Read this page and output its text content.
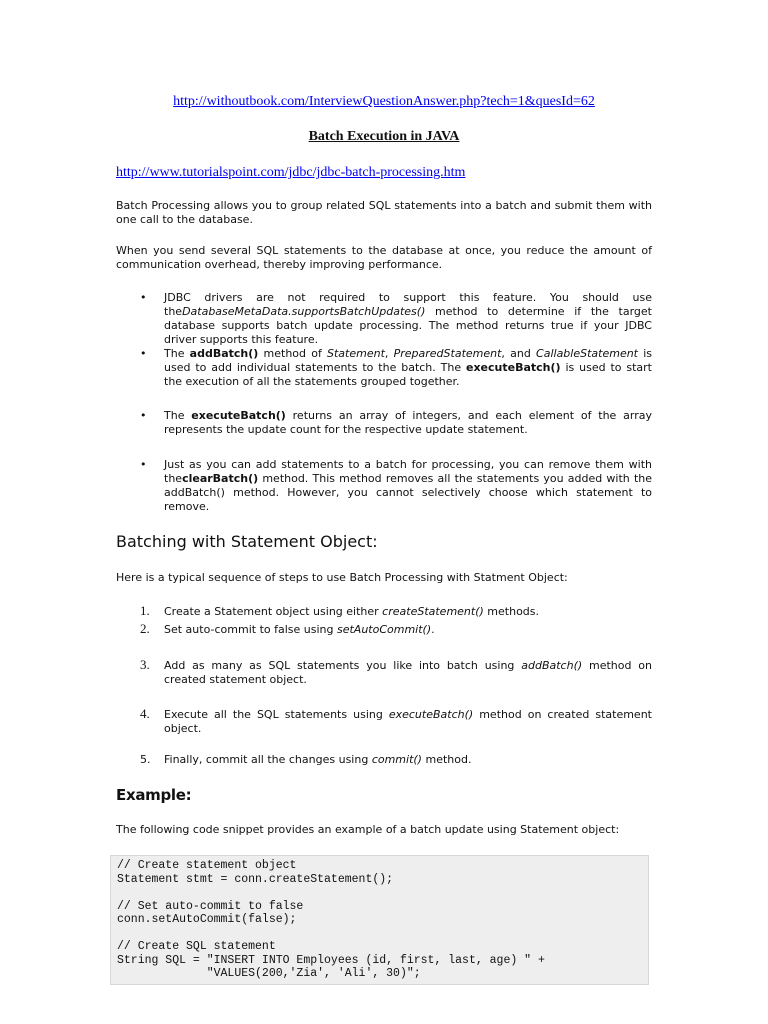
http://withoutbook.com/InterviewQuestionAnswer.php?tech=1&quesId=62
Batch Execution in JAVA
http://www.tutorialspoint.com/jdbc/jdbc-batch-processing.htm
Batch Processing allows you to group related SQL statements into a batch and submit them with one call to the database.
When you send several SQL statements to the database at once, you reduce the amount of communication overhead, thereby improving performance.
• JDBC drivers are not required to support this feature. You should use theDatabaseMetaData.supportsBatchUpdates() method to determine if the target database supports batch update processing. The method returns true if your JDBC driver supports this feature.
• The addBatch() method of Statement, PreparedStatement, and CallableStatement is used to add individual statements to the batch. The executeBatch() is used to start the execution of all the statements grouped together.
• The executeBatch() returns an array of integers, and each element of the array represents the update count for the respective update statement.
• Just as you can add statements to a batch for processing, you can remove them with theclearBatch() method. This method removes all the statements you added with the addBatch() method. However, you cannot selectively choose which statement to remove.
Batching with Statement Object:
Here is a typical sequence of steps to use Batch Processing with Statment Object:
1. Create a Statement object using either createStatement() methods.
2. Set auto-commit to false using setAutoCommit().
3. Add as many as SQL statements you like into batch using addBatch() method on created statement object.
4. Execute all the SQL statements using executeBatch() method on created statement object.
5. Finally, commit all the changes using commit() method.
Example:
The following code snippet provides an example of a batch update using Statement object:
// Create statement object
Statement stmt = conn.createStatement();
// Set auto-commit to false
conn.setAutoCommit(false);
// Create SQL statement
String SQL = "INSERT INTO Employees (id, first, last, age) " +
"VALUES(200,'Zia', 'Ali', 30)";
